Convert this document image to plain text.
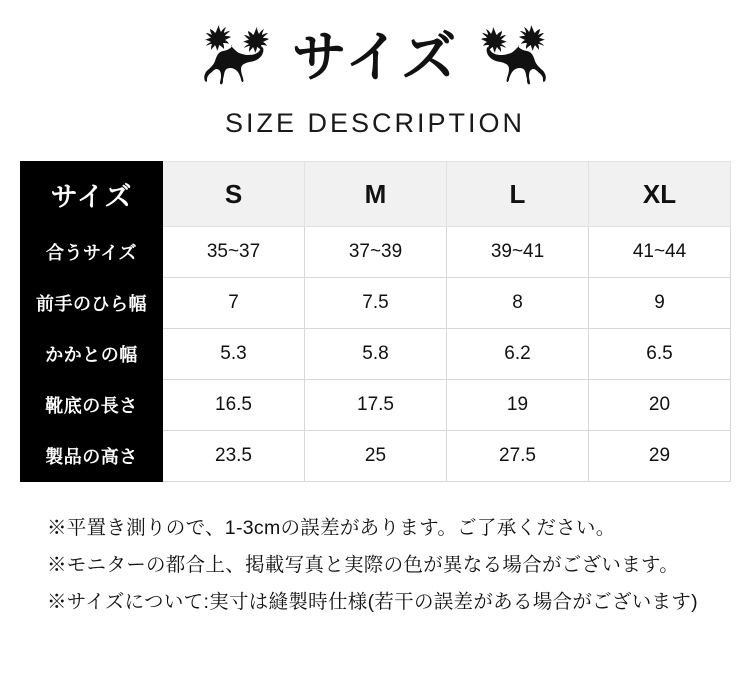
サイズ
SIZE DESCRIPTION
サイズ	S	M	L	XL
合うサイズ	35~37	37~39	39~41	41~44
前手のひら幅	7	7.5	8	9
かかとの幅	5.3	5.8	6.2	6.5
靴底の長さ	16.5	17.5	19	20
製品の高さ	23.5	25	27.5	29
※平置き測りので、1-3cmの誤差があります。ご了承ください。
※モニターの都合上、掲載写真と実際の色が異なる場合がございます。
※サイズについて:実寸は縫製時仕様(若干の誤差がある場合がございます)
